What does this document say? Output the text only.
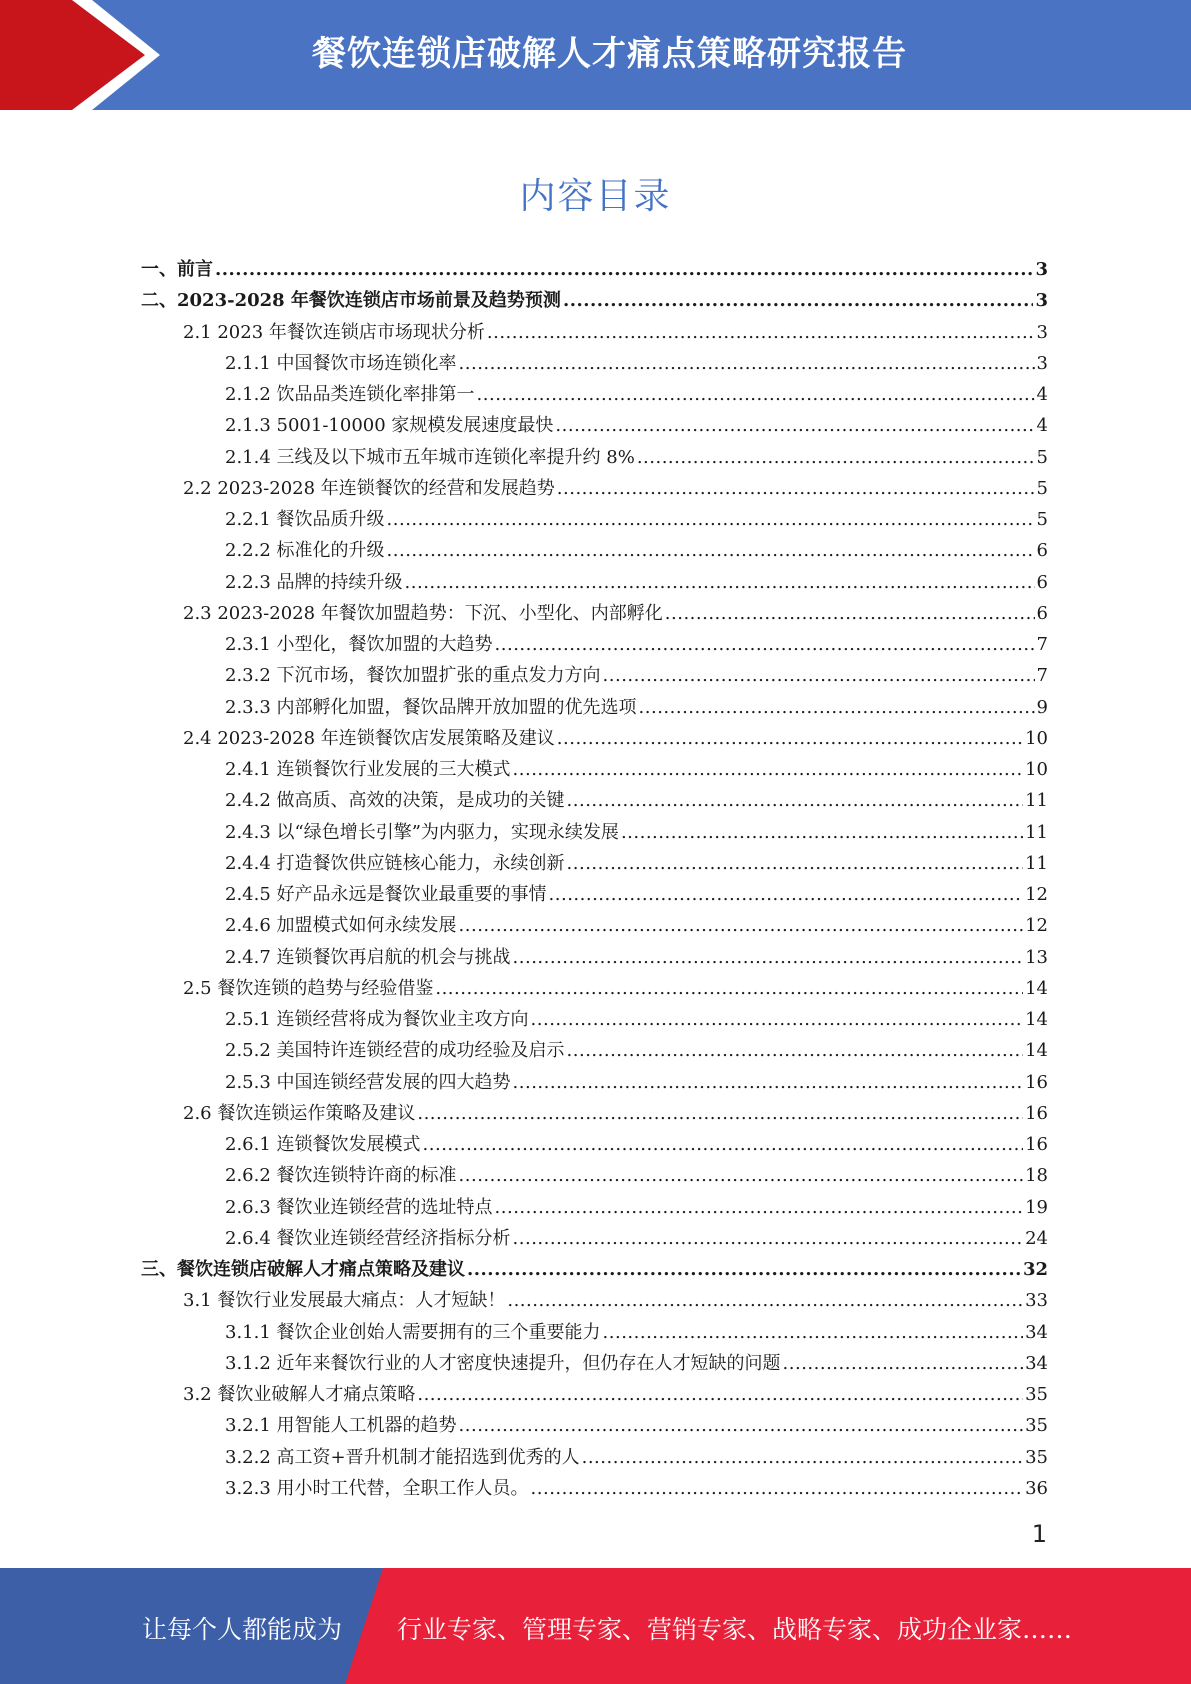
餐饮连锁店破解人才痛点策略研究报告
内容目录
一、前言 .....	3
二、2023-2028 年餐饮连锁店市场前景及趋势预测 .....	3
2.1 2023 年餐饮连锁店市场现状分析 .....	3
2.1.1 中国餐饮市场连锁化率 .....	3
2.1.2 饮品品类连锁化率排第一 .....	4
2.1.3 5001-10000 家规模发展速度最快 .....	4
2.1.4 三线及以下城市五年城市连锁化率提升约 8% .....	5
2.2 2023-2028 年连锁餐饮的经营和发展趋势 .....	5
2.2.1 餐饮品质升级 .....	5
2.2.2 标准化的升级 .....	6
2.2.3 品牌的持续升级 .....	6
2.3 2023-2028 年餐饮加盟趋势：下沉、小型化、内部孵化 .....	6
2.3.1 小型化，餐饮加盟的大趋势 .....	7
2.3.2 下沉市场，餐饮加盟扩张的重点发力方向 .....	7
2.3.3 内部孵化加盟，餐饮品牌开放加盟的优先选项 .....	9
2.4 2023-2028 年连锁餐饮店发展策略及建议 .....	10
2.4.1 连锁餐饮行业发展的三大模式 .....	10
2.4.2 做高质、高效的决策，是成功的关键 .....	11
2.4.3 以“绿色增长引擎”为内驱力，实现永续发展 .....	11
2.4.4 打造餐饮供应链核心能力，永续创新 .....	11
2.4.5 好产品永远是餐饮业最重要的事情 .....	12
2.4.6 加盟模式如何永续发展 .....	12
2.4.7 连锁餐饮再启航的机会与挑战 .....	13
2.5 餐饮连锁的趋势与经验借鉴 .....	14
2.5.1 连锁经营将成为餐饮业主攻方向 .....	14
2.5.2 美国特许连锁经营的成功经验及启示 .....	14
2.5.3 中国连锁经营发展的四大趋势 .....	16
2.6 餐饮连锁运作策略及建议 .....	16
2.6.1 连锁餐饮发展模式 .....	16
2.6.2 餐饮连锁特许商的标准 .....	18
2.6.3 餐饮业连锁经营的选址特点 .....	19
2.6.4 餐饮业连锁经营经济指标分析 .....	24
三、餐饮连锁店破解人才痛点策略及建议 .....	32
3.1 餐饮行业发展最大痛点：人才短缺！ .....	33
3.1.1 餐饮企业创始人需要拥有的三个重要能力 .....	34
3.1.2 近年来餐饮行业的人才密度快速提升，但仍存在人才短缺的问题 .....	34
3.2 餐饮业破解人才痛点策略 .....	35
3.2.1 用智能人工机器的趋势 .....	35
3.2.2 高工资+晋升机制才能招选到优秀的人 .....	35
3.2.3 用小时工代替，全职工作人员。 .....	36
1
让每个人都能成为 行业专家、管理专家、营销专家、战略专家、成功企业家……
